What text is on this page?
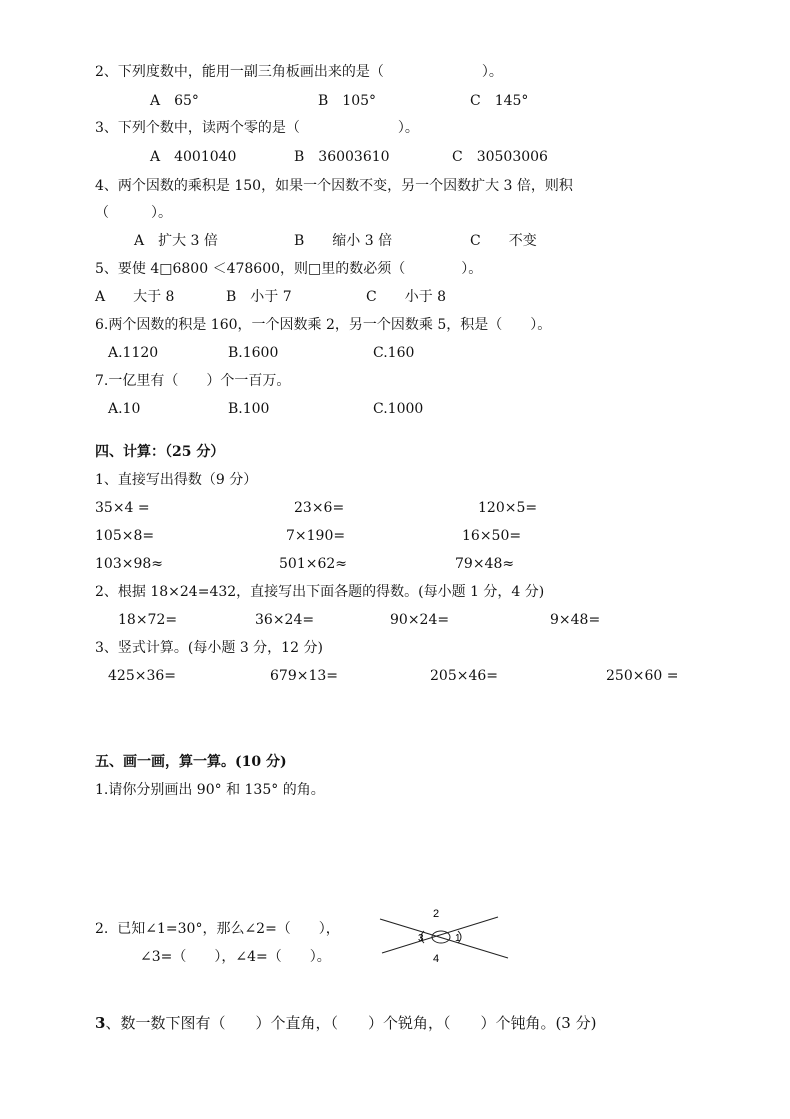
2、下列度数中，能用一副三角板画出来的是（　　　　　　　）。
A　65°	B　105°	C　145°
3、下列个数中，读两个零的是（　　　　　　　）。
A　4001040	B　36003610	C　30503006
4、两个因数的乘积是 150，如果一个因数不变，另一个因数扩大 3 倍，则积
（　　　）。
A　扩大 3 倍	B　　缩小 3 倍	C　　不变
5、要使 4□6800 ＜478600，则□里的数必须（　　　　）。
A　　大于 8	B　小于 7	C　　小于 8
6.两个因数的积是 160，一个因数乘 2，另一个因数乘 5，积是（　　）。
A.1120	B.1600	C.160
7.一亿里有（　　）个一百万。
A.10	B.100	C.1000
四、计算：（25 分）
1、直接写出得数（9 分）
35×4 =	23×6=	120×5=
105×8=	7×190=	16×50=
103×98≈	501×62≈	79×48≈
2、根据 18×24=432，直接写出下面各题的得数。(每小题 1 分，4 分)
18×72=	36×24=	90×24=	9×48=
3、竖式计算。(每小题 3 分，12 分)
425×36=	679×13=	205×46=	250×60 =
五、画一画，算一算。(10 分)
1.请你分别画出 90° 和 135° 的角。
2.  已知∠1=30°，那么∠2=（　　），
∠3=（　　），∠4=（　　）。
2
4
3	1
3、数一数下图有（　　）个直角，（　　）个锐角，（　　）个钝角。(3 分)
